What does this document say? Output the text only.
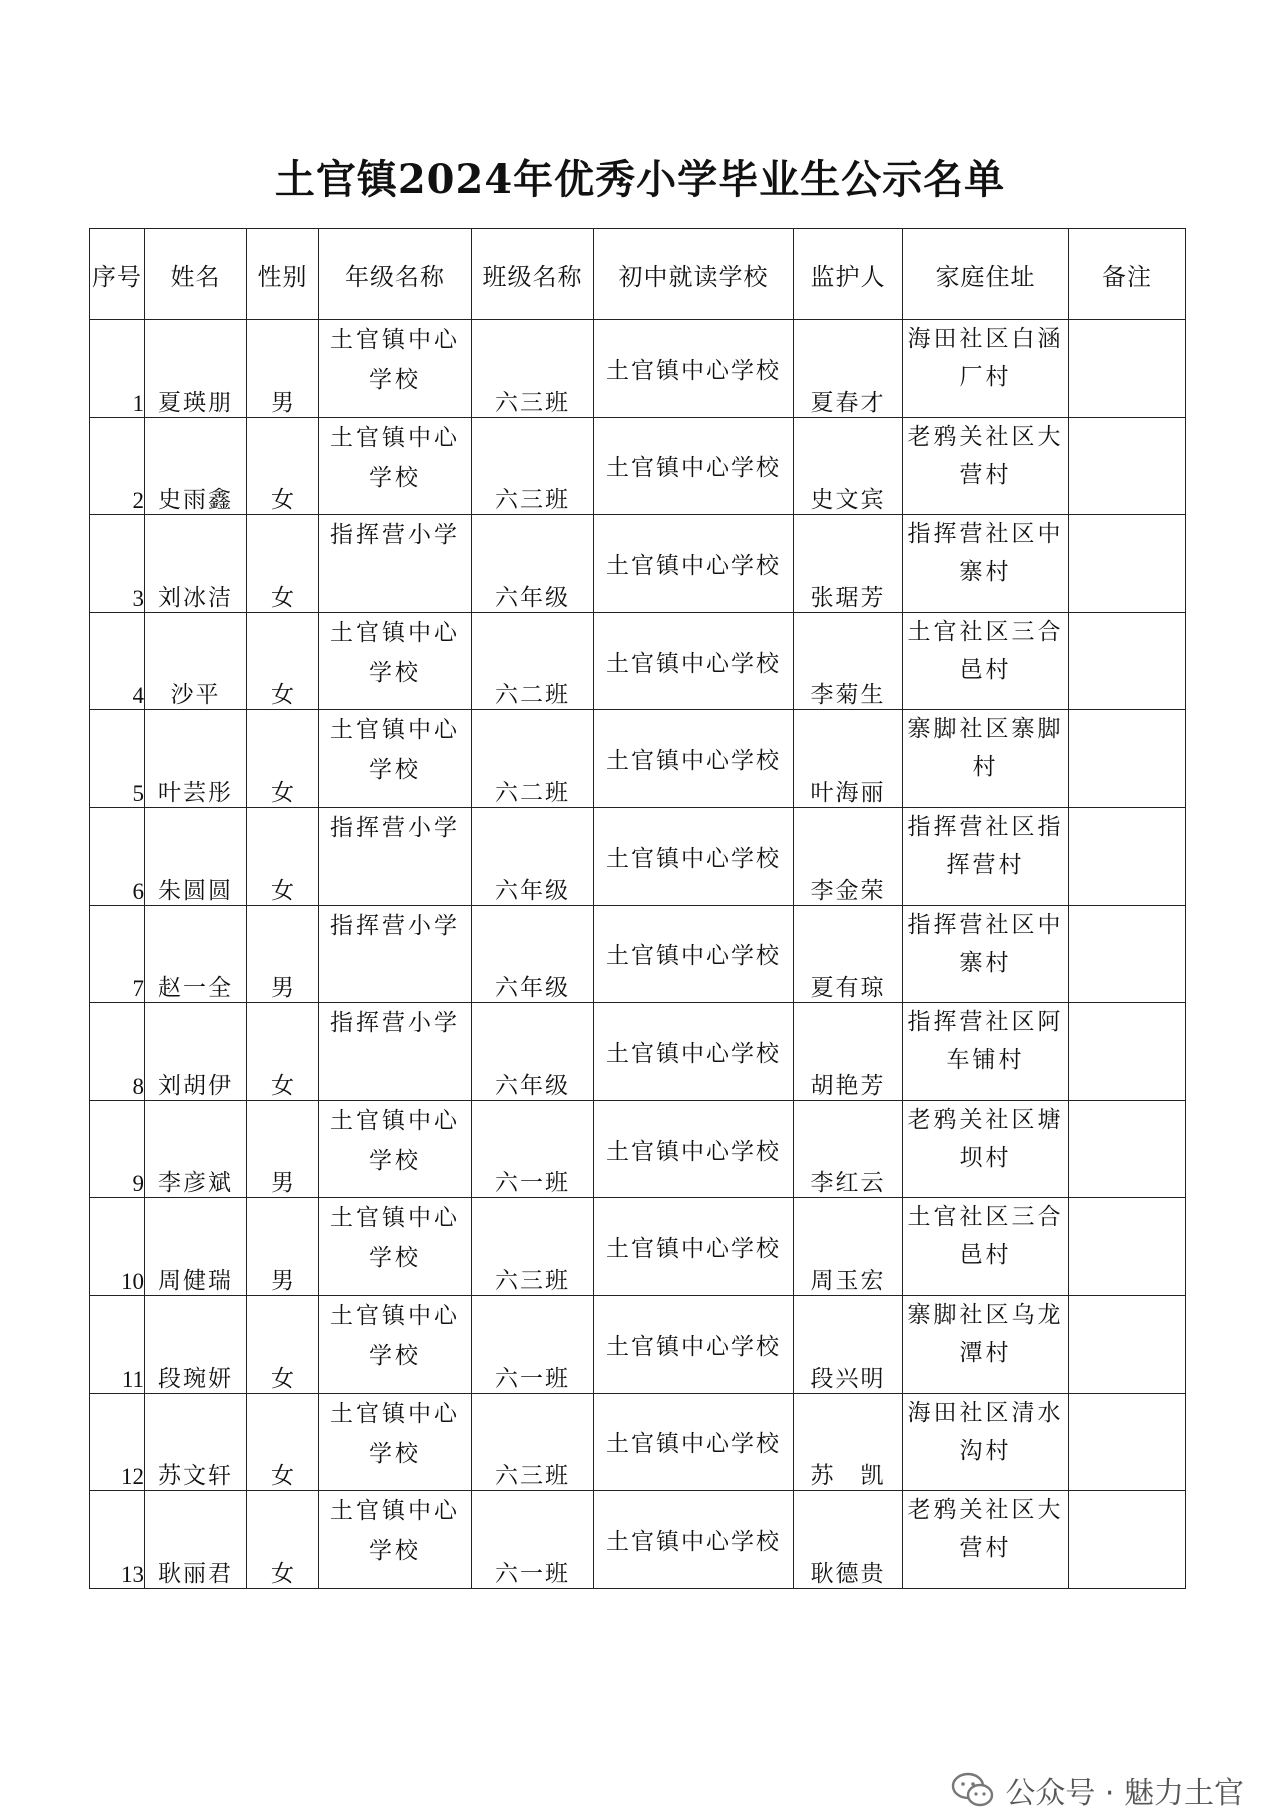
土官镇2024年优秀小学毕业生公示名单
序号	姓名	性别	年级名称	班级名称	初中就读学校	监护人	家庭住址	备注
1	夏瑛朋	男	土官镇中心学校	六三班	土官镇中心学校	夏春才	海田社区白涵厂村	
2	史雨鑫	女	土官镇中心学校	六三班	土官镇中心学校	史文宾	老鸦关社区大营村	
3	刘冰洁	女	指挥营小学	六年级	土官镇中心学校	张琚芳	指挥营社区中寨村	
4	沙平	女	土官镇中心学校	六二班	土官镇中心学校	李菊生	土官社区三合邑村	
5	叶芸彤	女	土官镇中心学校	六二班	土官镇中心学校	叶海丽	寨脚社区寨脚村	
6	朱圆圆	女	指挥营小学	六年级	土官镇中心学校	李金荣	指挥营社区指挥营村	
7	赵一全	男	指挥营小学	六年级	土官镇中心学校	夏有琼	指挥营社区中寨村	
8	刘胡伊	女	指挥营小学	六年级	土官镇中心学校	胡艳芳	指挥营社区阿车铺村	
9	李彦斌	男	土官镇中心学校	六一班	土官镇中心学校	李红云	老鸦关社区塘坝村	
10	周健瑞	男	土官镇中心学校	六三班	土官镇中心学校	周玉宏	土官社区三合邑村	
11	段琬妍	女	土官镇中心学校	六一班	土官镇中心学校	段兴明	寨脚社区乌龙潭村	
12	苏文轩	女	土官镇中心学校	六三班	土官镇中心学校	苏　凯	海田社区清水沟村	
13	耿丽君	女	土官镇中心学校	六一班	土官镇中心学校	耿德贵	老鸦关社区大营村	
公众号 · 魅力土官
